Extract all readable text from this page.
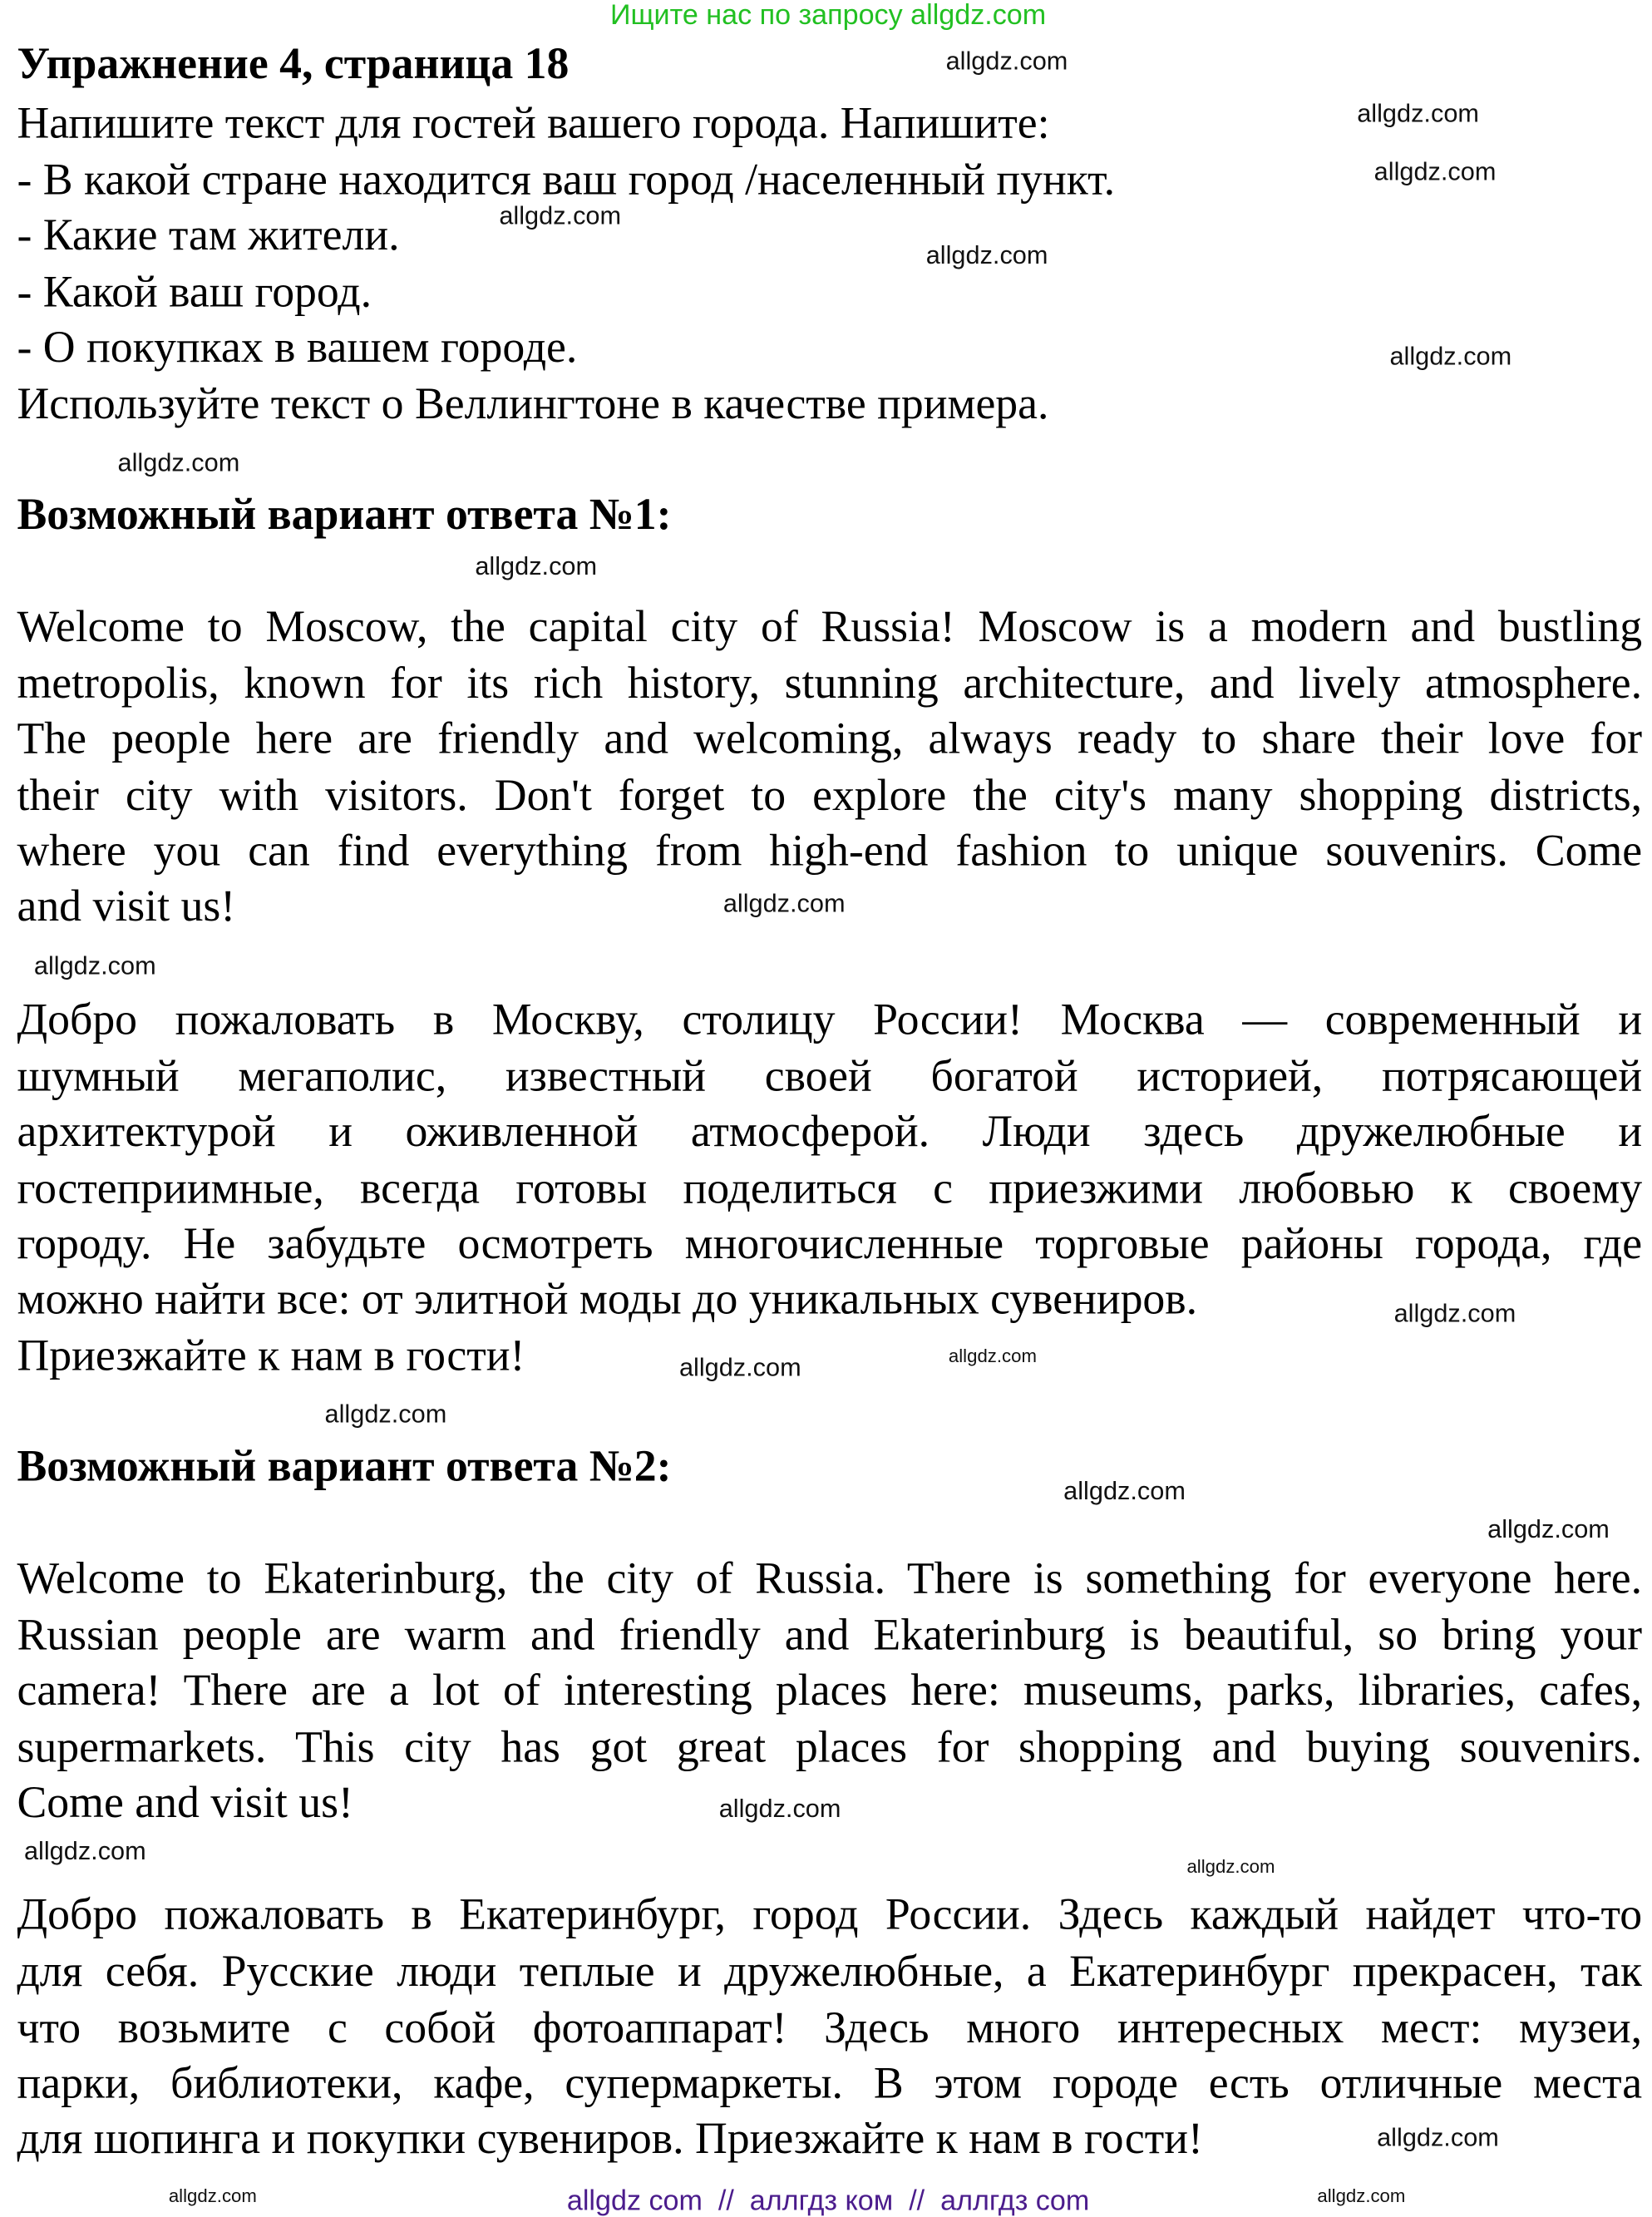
Ищите нас по запросу allgdz.com
Упражнение 4, страница 18
allgdz com  //  аллгдз ком  //  аллгдз com
Напишите текст для гостей вашего города. Напишите:
- В какой стране находится ваш город /населенный пункт.
- Какие там жители.
- Какой ваш город.
- О покупках в вашем городе.
Используйте текст о Веллингтоне в качестве примера.
Возможный вариант ответа №1:
Welcome to Moscow, the capital city of Russia! Moscow is a modern and bustling
metropolis, known for its rich history, stunning architecture, and lively atmosphere.
The people here are friendly and welcoming, always ready to share their love for
their city with visitors. Don't forget to explore the city's many shopping districts,
where you can find everything from high-end fashion to unique souvenirs. Come
and visit us!
Добро пожаловать в Москву, столицу России! Москва — современный и
шумный мегаполис, известный своей богатой историей, потрясающей
архитектурой и оживленной атмосферой. Люди здесь дружелюбные и
гостеприимные, всегда готовы поделиться с приезжими любовью к своему
городу. Не забудьте осмотреть многочисленные торговые районы города, где
можно найти все: от элитной моды до уникальных сувениров.
Приезжайте к нам в гости!
Возможный вариант ответа №2:
Welcome to Ekaterinburg, the city of Russia. There is something for everyone here.
Russian people are warm and friendly and Ekaterinburg is beautiful, so bring your
camera! There are a lot of interesting places here: museums, parks, libraries, cafes,
supermarkets. This city has got great places for shopping and buying souvenirs.
Come and visit us!
Добро пожаловать в Екатеринбург, город России. Здесь каждый найдет что-то
для себя. Русские люди теплые и дружелюбные, а Екатеринбург прекрасен, так
что возьмите с собой фотоаппарат! Здесь много интересных мест: музеи,
парки, библиотеки, кафе, супермаркеты. В этом городе есть отличные места
для шопинга и покупки сувениров. Приезжайте к нам в гости!
allgdz.com
allgdz.com
allgdz.com
allgdz.com
allgdz.com
allgdz.com
allgdz.com
allgdz.com
allgdz.com
allgdz.com
allgdz.com
allgdz.com
allgdz.com
allgdz.com
allgdz.com
allgdz.com
allgdz.com
allgdz.com
allgdz.com
allgdz.com	allgdz.com
allgdz.com
